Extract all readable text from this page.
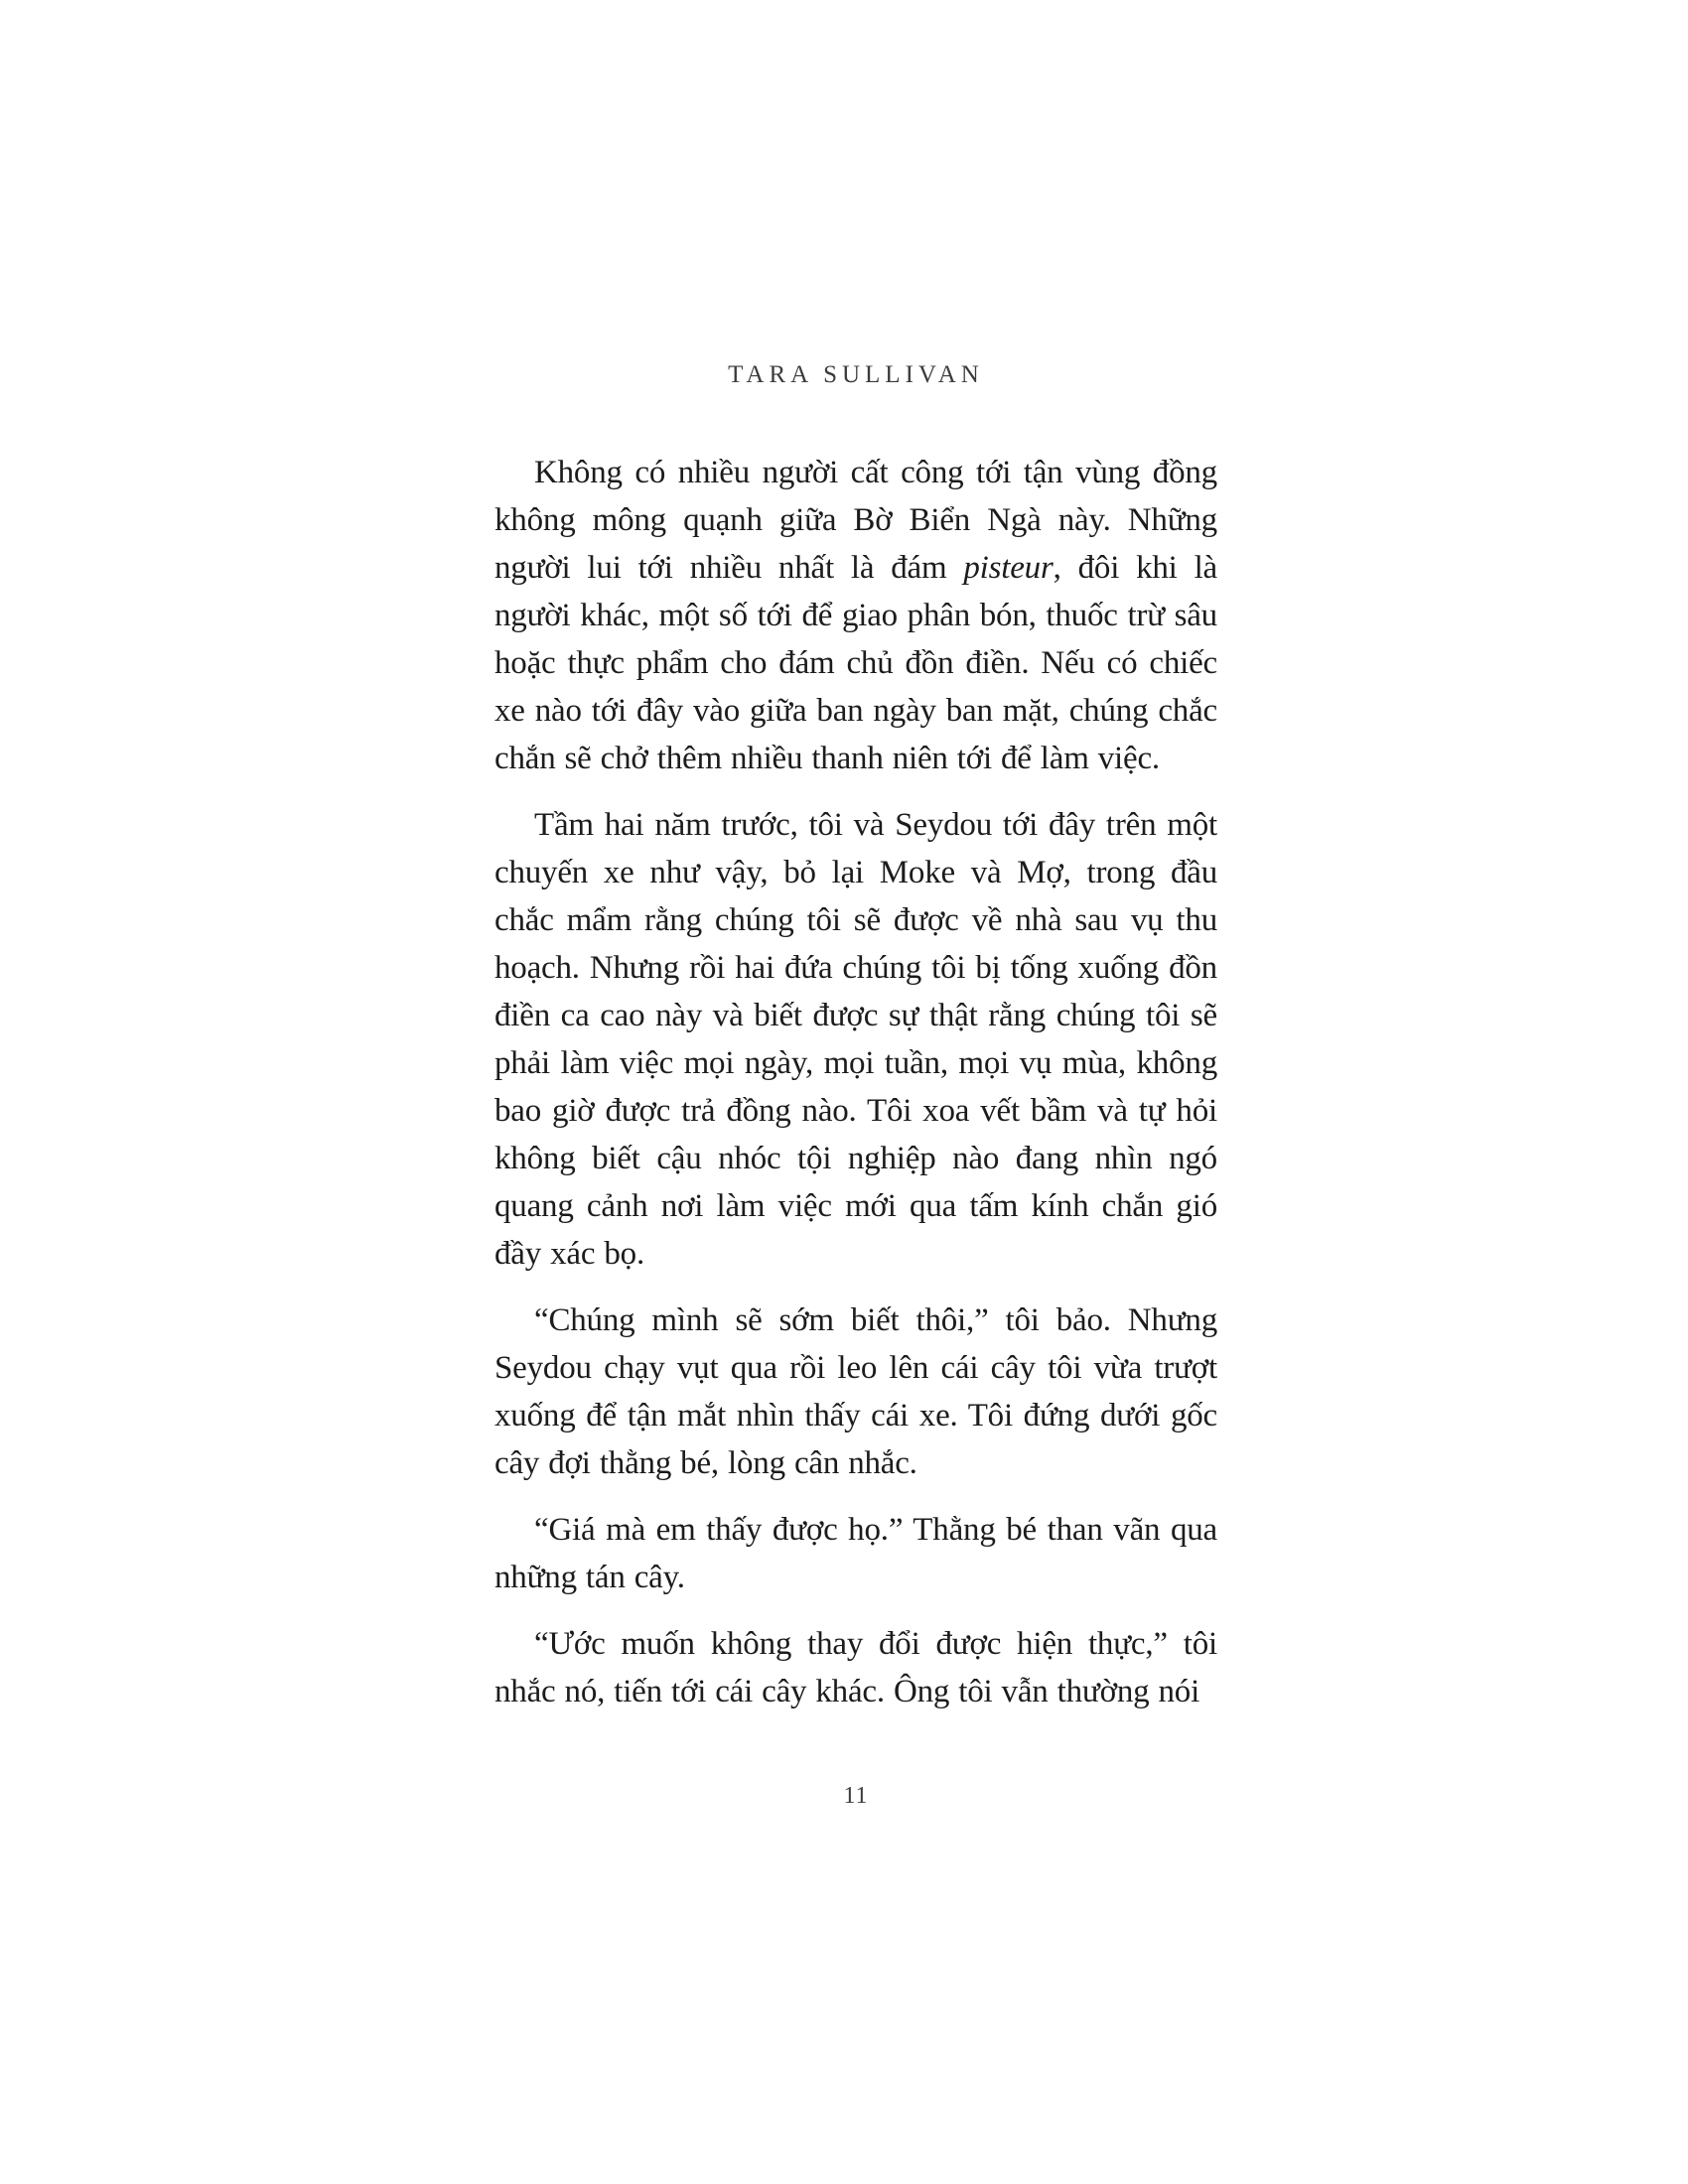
TARA SULLIVAN

Không có nhiều người cất công tới tận vùng đồng không mông quạnh giữa Bờ Biển Ngà này. Những người lui tới nhiều nhất là đám pisteur, đôi khi là người khác, một số tới để giao phân bón, thuốc trừ sâu hoặc thực phẩm cho đám chủ đồn điền. Nếu có chiếc xe nào tới đây vào giữa ban ngày ban mặt, chúng chắc chắn sẽ chở thêm nhiều thanh niên tới để làm việc.

Tầm hai năm trước, tôi và Seydou tới đây trên một chuyến xe như vậy, bỏ lại Moke và Mợ, trong đầu chắc mẩm rằng chúng tôi sẽ được về nhà sau vụ thu hoạch. Nhưng rồi hai đứa chúng tôi bị tống xuống đồn điền ca cao này và biết được sự thật rằng chúng tôi sẽ phải làm việc mọi ngày, mọi tuần, mọi vụ mùa, không bao giờ được trả đồng nào. Tôi xoa vết bầm và tự hỏi không biết cậu nhóc tội nghiệp nào đang nhìn ngó quang cảnh nơi làm việc mới qua tấm kính chắn gió đầy xác bọ.

“Chúng mình sẽ sớm biết thôi,” tôi bảo. Nhưng Seydou chạy vụt qua rồi leo lên cái cây tôi vừa trượt xuống để tận mắt nhìn thấy cái xe. Tôi đứng dưới gốc cây đợi thằng bé, lòng cân nhắc.

“Giá mà em thấy được họ.” Thằng bé than vãn qua những tán cây.

“Ước muốn không thay đổi được hiện thực,” tôi nhắc nó, tiến tới cái cây khác. Ông tôi vẫn thường nói

11
